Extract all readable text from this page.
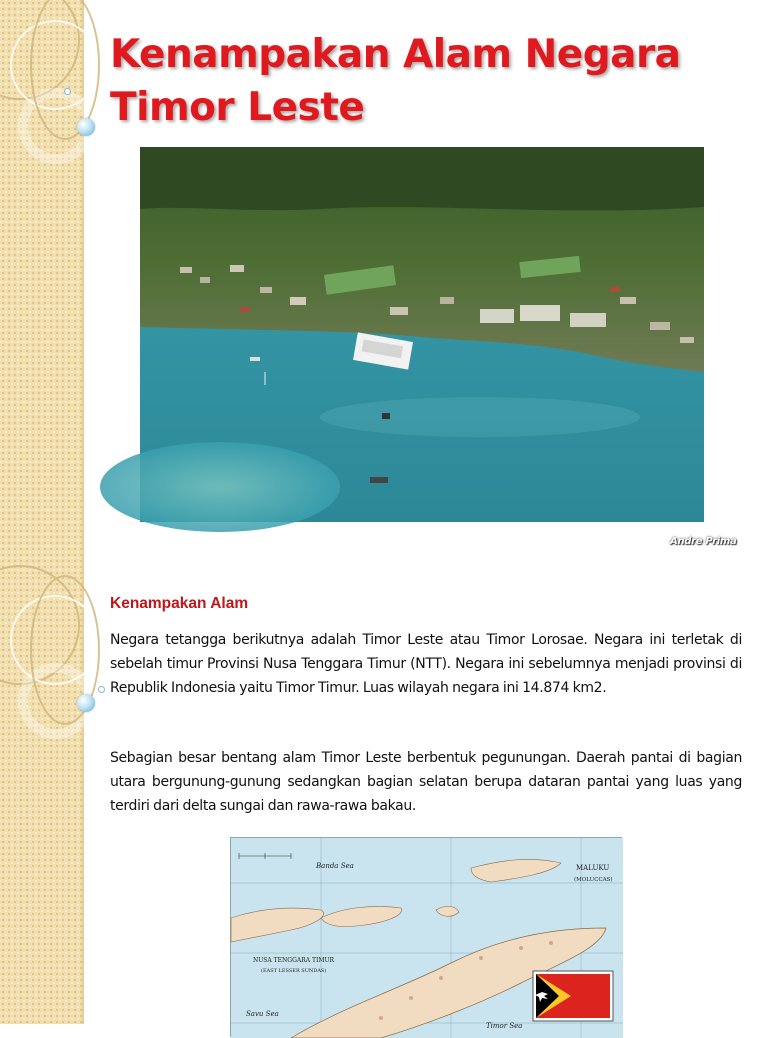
Kenampakan Alam Negara Timor Leste
Andre Prima
Kenampakan Alam

Negara tetangga berikutnya adalah Timor Leste atau Timor Lorosae. Negara ini terletak di sebelah timur Provinsi Nusa Tenggara Timur (NTT). Negara ini sebelumnya menjadi provinsi di Republik Indonesia yaitu Timor Timur. Luas wilayah negara ini 14.874 km2.

Sebagian besar bentang alam Timor Leste berbentuk pegunungan. Daerah pantai di bagian utara bergunung-gunung sedangkan bagian selatan berupa dataran pantai yang luas yang terdiri dari delta sungai dan rawa-rawa bakau.

Banda Sea	MALUKU
(MOLUCCAS)
NUSA TENGGARA TIMUR
(EAST LESSER SUNDAS)
Savu Sea
Timor Sea
